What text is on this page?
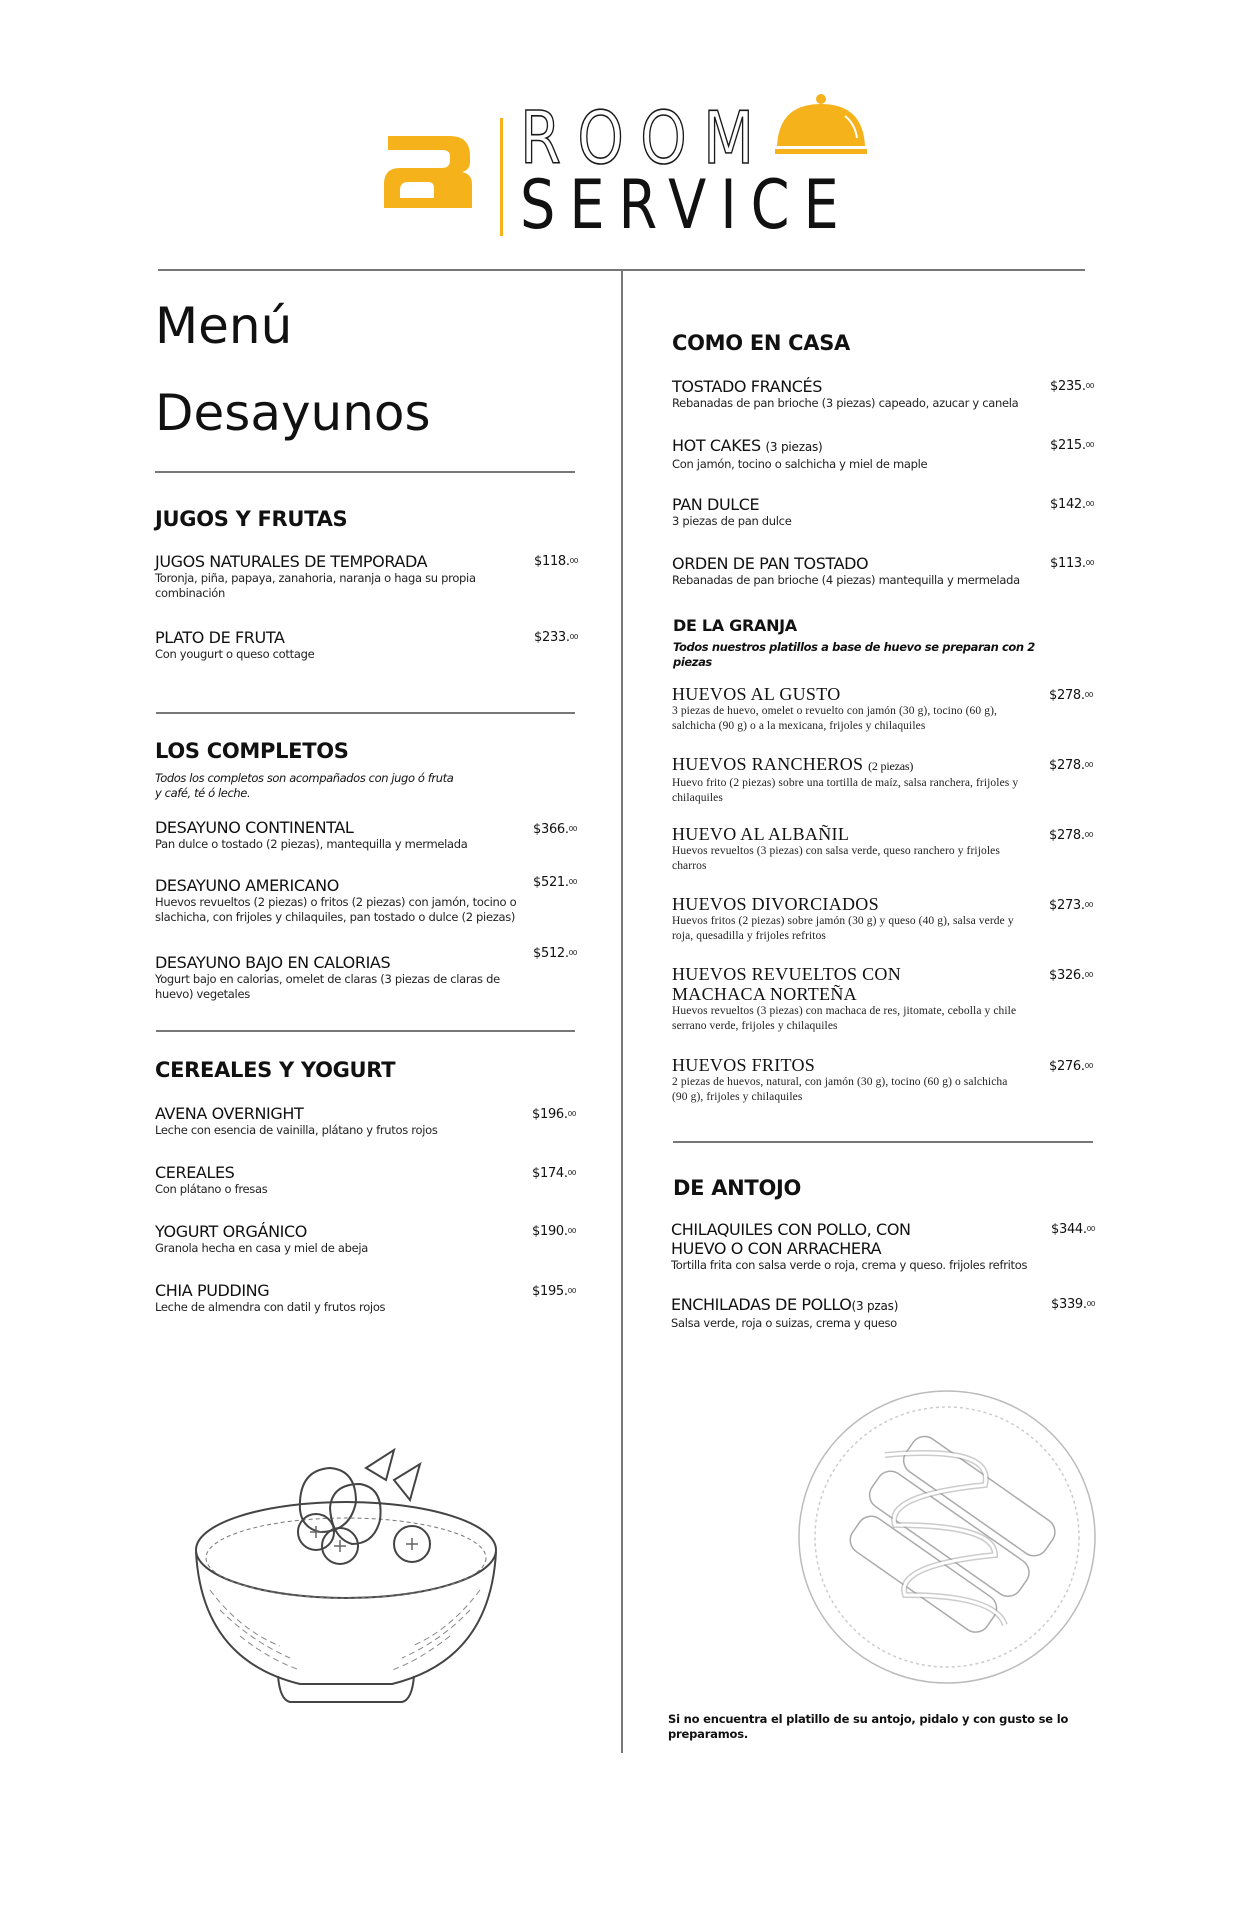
ROOM
SERVICE
Menú
Desayunos
JUGOS Y FRUTAS
JUGOS NATURALES DE TEMPORADA
Toronja, piña, papaya, zanahoria, naranja o haga su propia combinación
$118.00
PLATO DE FRUTA
Con yougurt o queso cottage
$233.00
LOS COMPLETOS
Todos los completos son acompañados con jugo ó fruta y café, té ó leche.
DESAYUNO CONTINENTAL
Pan dulce o tostado (2 piezas), mantequilla y mermelada
$366.00
DESAYUNO AMERICANO
Huevos revueltos (2 piezas) o fritos (2 piezas) con jamón, tocino o slachicha, con frijoles y chilaquiles, pan tostado o dulce (2 piezas)
$521.00
DESAYUNO BAJO EN CALORIAS
Yogurt bajo en calorias, omelet de claras (3 piezas de claras de huevo) vegetales
$512.00
CEREALES Y YOGURT
AVENA OVERNIGHT
Leche con esencia de vainilla, plátano y frutos rojos
$196.00
CEREALES
Con plátano o fresas
$174.00
YOGURT ORGÁNICO
Granola hecha en casa y miel de abeja
$190.00
CHIA PUDDING
Leche de almendra con datil y frutos rojos
$195.00
COMO EN CASA
TOSTADO FRANCÉS
Rebanadas de pan brioche (3 piezas) capeado, azucar y canela
$235.00
HOT CAKES (3 piezas)
Con jamón, tocino o salchicha y miel de maple
$215.00
PAN DULCE
3 piezas de pan dulce
$142.00
ORDEN DE PAN TOSTADO
Rebanadas de pan brioche (4 piezas) mantequilla y mermelada
$113.00
DE LA GRANJA
Todos nuestros platillos a base de huevo se preparan con 2 piezas
HUEVOS AL GUSTO
3 piezas de huevo, omelet o revuelto con jamón (30 g), tocino (60 g), salchicha (90 g) o a la mexicana, frijoles y chilaquiles
$278.00
HUEVOS RANCHEROS (2 piezas)
Huevo frito (2 piezas) sobre una tortilla de maíz, salsa ranchera, frijoles y chilaquiles
$278.00
HUEVO AL ALBAÑIL
Huevos revueltos (3 piezas) con salsa verde, queso ranchero y frijoles charros
$278.00
HUEVOS DIVORCIADOS
Huevos fritos (2 piezas) sobre jamón (30 g) y queso (40 g), salsa verde y roja, quesadilla y frijoles refritos
$273.00
HUEVOS REVUELTOS CON MACHACA NORTEÑA
Huevos revueltos (3 piezas) con machaca de res, jitomate, cebolla y chile serrano verde, frijoles y chilaquiles
$326.00
HUEVOS FRITOS
2 piezas de huevos, natural, con jamón (30 g), tocino (60 g) o salchicha (90 g), frijoles y chilaquiles
$276.00
DE ANTOJO
CHILAQUILES CON POLLO, CON HUEVO O CON ARRACHERA
Tortilla frita con salsa verde o roja, crema y queso. frijoles refritos
$344.00
ENCHILADAS DE POLLO(3 pzas)
Salsa verde, roja o suizas, crema y queso
$339.00
Si no encuentra el platillo de su antojo, pidalo y con gusto se lo preparamos.
